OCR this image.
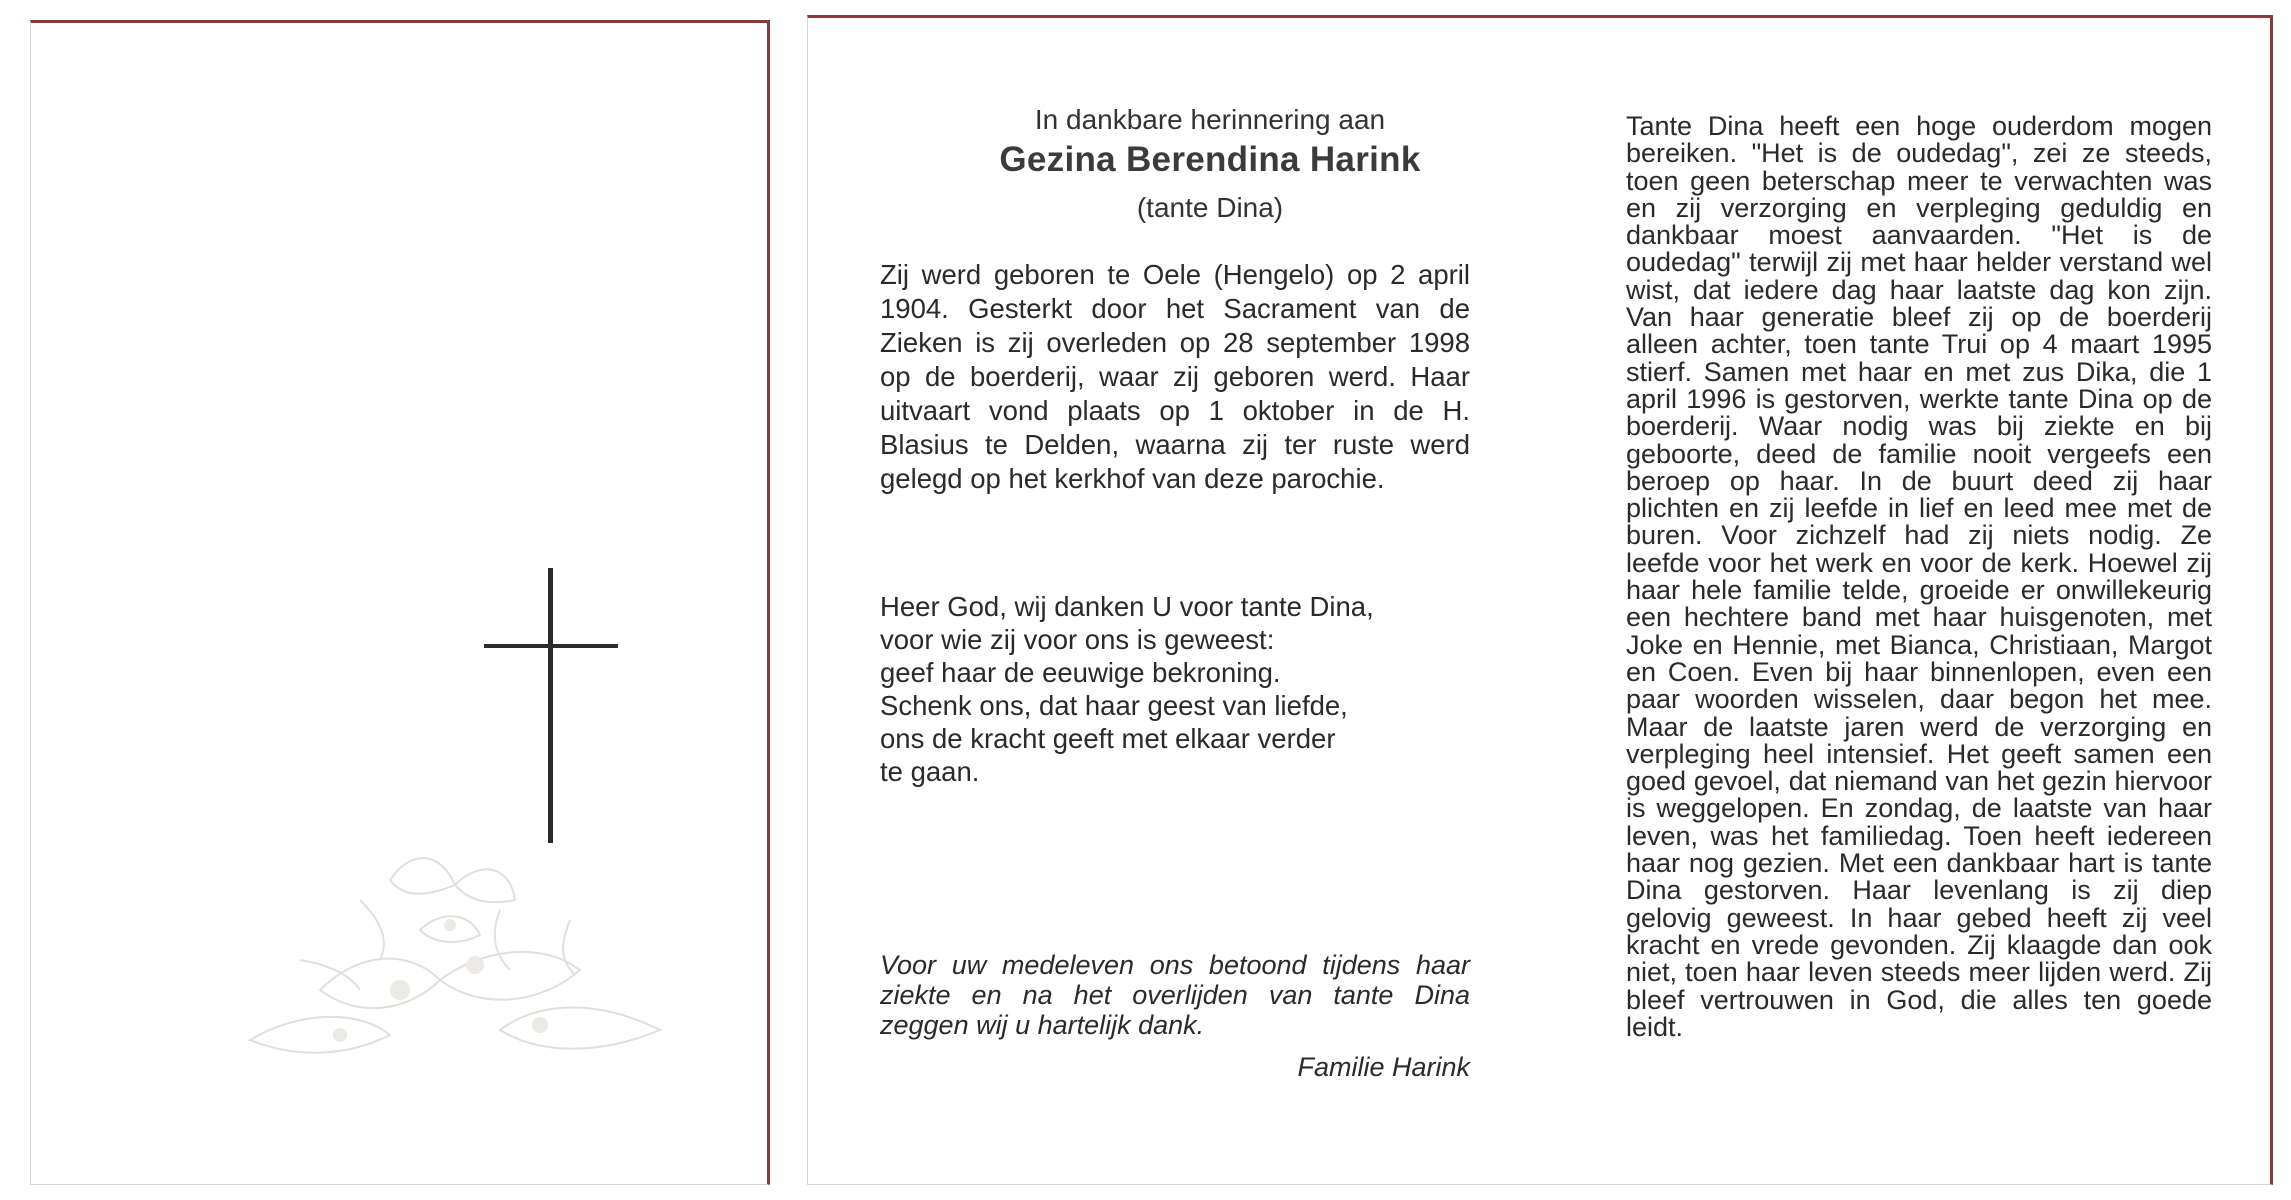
In dankbare herinnering aan
Gezina Berendina Harink
(tante Dina)

Zij werd geboren te Oele (Hengelo) op 2 april 1904. Gesterkt door het Sacrament van de Zieken is zij overleden op 28 september 1998 op de boerderij, waar zij geboren werd. Haar uitvaart vond plaats op 1 oktober in de H. Blasius te Delden, waarna zij ter ruste werd gelegd op het kerkhof van deze parochie.

Heer God, wij danken U voor tante Dina,
voor wie zij voor ons is geweest:
geef haar de eeuwige bekroning.
Schenk ons, dat haar geest van liefde,
ons de kracht geeft met elkaar verder
te gaan.

Voor uw medeleven ons betoond tijdens haar ziekte en na het overlijden van tante Dina zeggen wij u hartelijk dank.

Familie Harink

Tante Dina heeft een hoge ouderdom mogen bereiken. "Het is de oudedag", zei ze steeds, toen geen beterschap meer te verwachten was en zij verzorging en verpleging geduldig en dankbaar moest aanvaarden. "Het is de oudedag" terwijl zij met haar helder verstand wel wist, dat iedere dag haar laatste dag kon zijn. Van haar generatie bleef zij op de boerderij alleen achter, toen tante Trui op 4 maart 1995 stierf. Samen met haar en met zus Dika, die 1 april 1996 is gestorven, werkte tante Dina op de boerderij. Waar nodig was bij ziekte en bij geboorte, deed de familie nooit vergeefs een beroep op haar. In de buurt deed zij haar plichten en zij leefde in lief en leed mee met de buren. Voor zichzelf had zij niets nodig. Ze leefde voor het werk en voor de kerk. Hoewel zij haar hele familie telde, groeide er onwillekeurig een hechtere band met haar huisgenoten, met Joke en Hennie, met Bianca, Christiaan, Margot en Coen. Even bij haar binnenlopen, even een paar woorden wisselen, daar begon het mee. Maar de laatste jaren werd de verzorging en verpleging heel intensief. Het geeft samen een goed gevoel, dat niemand van het gezin hiervoor is weggelopen. En zondag, de laatste van haar leven, was het familiedag. Toen heeft iedereen haar nog gezien. Met een dankbaar hart is tante Dina gestorven. Haar levenlang is zij diep gelovig geweest. In haar gebed heeft zij veel kracht en vrede gevonden. Zij klaagde dan ook niet, toen haar leven steeds meer lijden werd. Zij bleef vertrouwen in God, die alles ten goede leidt.
